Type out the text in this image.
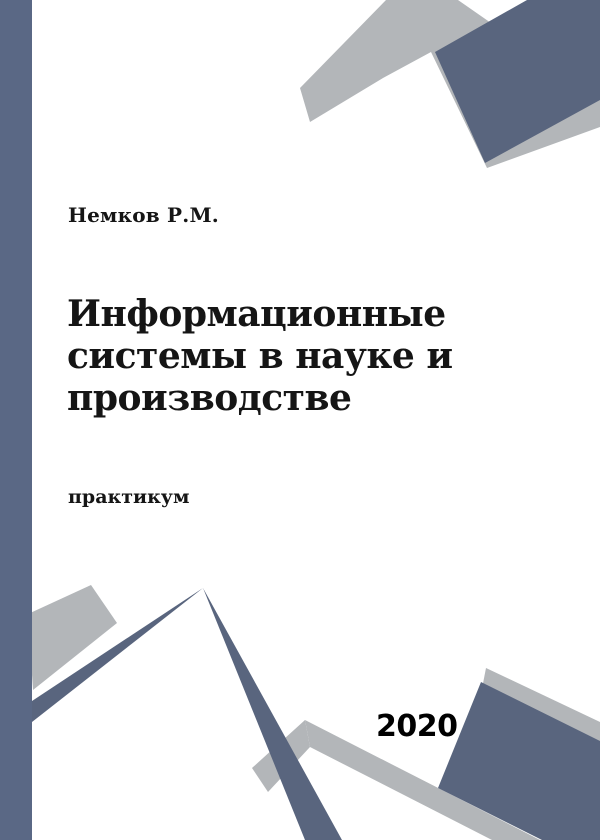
Немков Р.М.
Информационные
системы в науке и
производстве
практикум
2020
